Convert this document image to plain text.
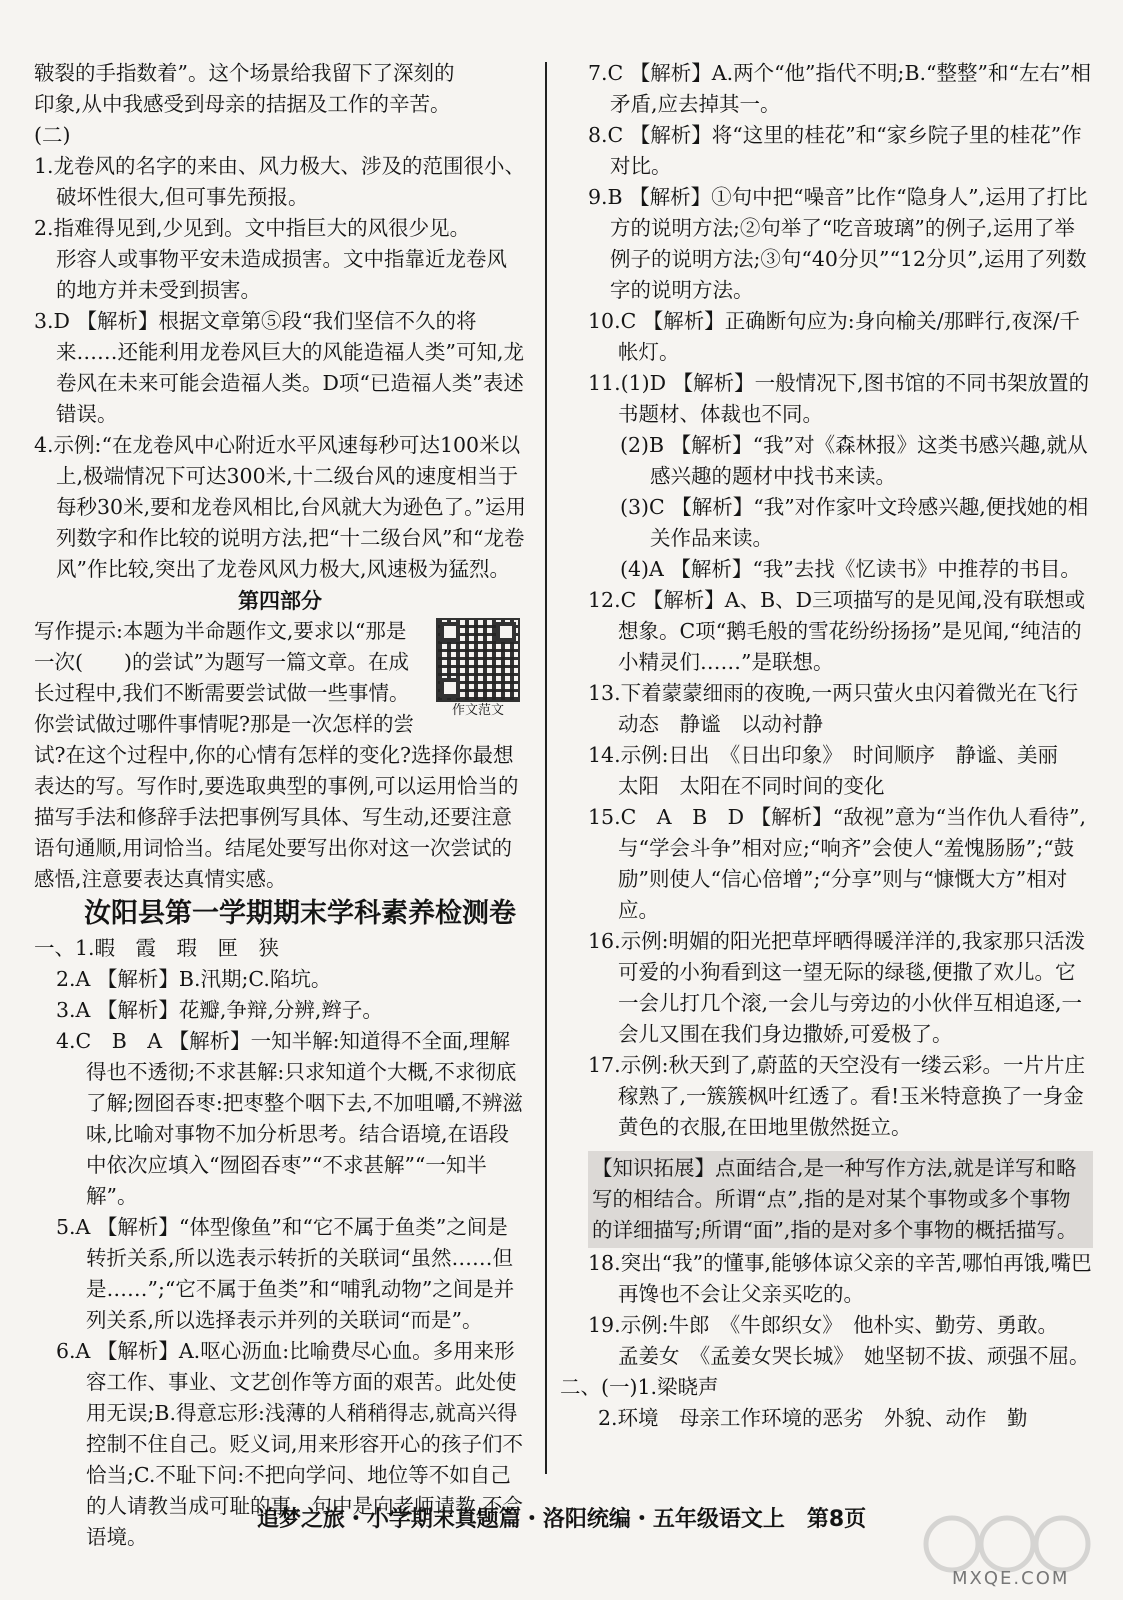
皲裂的手指数着”。这个场景给我留下了深刻的

印象,从中我感受到母亲的拮据及工作的辛苦。

(二)

1.龙卷风的名字的来由、风力极大、涉及的范围很小、破坏性很大,但可事先预报。

2.指难得见到,少见到。文中指巨大的风很少见。

形容人或事物平安未造成损害。文中指靠近龙卷风的地方并未受到损害。

3.D 【解析】根据文章第⑤段“我们坚信不久的将来……还能利用龙卷风巨大的风能造福人类”可知,龙卷风在未来可能会造福人类。D项“已造福人类”表述错误。

4.示例:“在龙卷风中心附近水平风速每秒可达100米以上,极端情况下可达300米,十二级台风的速度相当于每秒30米,要和龙卷风相比,台风就大为逊色了。”运用列数字和作比较的说明方法,把“十二级台风”和“龙卷风”作比较,突出了龙卷风风力极大,风速极为猛烈。

第四部分

作文范文

写作提示:本题为半命题作文,要求以“那是一次(　　)的尝试”为题写一篇文章。在成长过程中,我们不断需要尝试做一些事情。你尝试做过哪件事情呢?那是一次怎样的尝试?在这个过程中,你的心情有怎样的变化?选择你最想表达的写。写作时,要选取典型的事例,可以运用恰当的描写手法和修辞手法把事例写具体、写生动,还要注意语句通顺,用词恰当。结尾处要写出你对这一次尝试的感悟,注意要表达真情实感。

汝阳县第一学期期末学科素养检测卷

一、1.暇　霞　瑕　匣　狭

2.A 【解析】B.汛期;C.陷坑。

3.A 【解析】花瓣,争辩,分辨,辫子。

4.C　B　A 【解析】一知半解:知道得不全面,理解得也不透彻;不求甚解:只求知道个大概,不求彻底了解;囫囵吞枣:把枣整个咽下去,不加咀嚼,不辨滋味,比喻对事物不加分析思考。结合语境,在语段中依次应填入“囫囵吞枣”“不求甚解”“一知半解”。

5.A 【解析】“体型像鱼”和“它不属于鱼类”之间是转折关系,所以选表示转折的关联词“虽然……但是……”;“它不属于鱼类”和“哺乳动物”之间是并列关系,所以选择表示并列的关联词“而是”。

6.A 【解析】A.呕心沥血:比喻费尽心血。多用来形容工作、事业、文艺创作等方面的艰苦。此处使用无误;B.得意忘形:浅薄的人稍稍得志,就高兴得控制不住自己。贬义词,用来形容开心的孩子们不恰当;C.不耻下问:不把向学问、地位等不如自己的人请教当成可耻的事。句中是向老师请教,不合语境。

7.C 【解析】A.两个“他”指代不明;B.“整整”和“左右”相矛盾,应去掉其一。

8.C 【解析】将“这里的桂花”和“家乡院子里的桂花”作对比。

9.B 【解析】①句中把“噪音”比作“隐身人”,运用了打比方的说明方法;②句举了“吃音玻璃”的例子,运用了举例子的说明方法;③句“40分贝”“12分贝”,运用了列数字的说明方法。

10.C 【解析】正确断句应为:身向榆关/那畔行,夜深/千帐灯。

11.(1)D 【解析】一般情况下,图书馆的不同书架放置的书题材、体裁也不同。

(2)B 【解析】“我”对《森林报》这类书感兴趣,就从感兴趣的题材中找书来读。

(3)C 【解析】“我”对作家叶文玲感兴趣,便找她的相关作品来读。

(4)A 【解析】“我”去找《忆读书》中推荐的书目。

12.C 【解析】A、B、D三项描写的是见闻,没有联想或想象。C项“鹅毛般的雪花纷纷扬扬”是见闻,“纯洁的小精灵们……”是联想。

13.下着蒙蒙细雨的夜晚,一两只萤火虫闪着微光在飞行　动态　静谧　以动衬静

14.示例:日出　《日出印象》　时间顺序　静谧、美丽　太阳　太阳在不同时间的变化

15.C　A　B　D 【解析】“敌视”意为“当作仇人看待”,与“学会斗争”相对应;“响齐”会使人“羞愧肠肠”;“鼓励”则使人“信心倍增”;“分享”则与“慷慨大方”相对应。

16.示例:明媚的阳光把草坪晒得暖洋洋的,我家那只活泼可爱的小狗看到这一望无际的绿毯,便撒了欢儿。它一会儿打几个滚,一会儿与旁边的小伙伴互相追逐,一会儿又围在我们身边撒娇,可爱极了。

17.示例:秋天到了,蔚蓝的天空没有一缕云彩。一片片庄稼熟了,一簇簇枫叶红透了。看!玉米特意换了一身金黄色的衣服,在田地里傲然挺立。

【知识拓展】点面结合,是一种写作方法,就是详写和略写的相结合。所谓“点”,指的是对某个事物或多个事物的详细描写;所谓“面”,指的是对多个事物的概括描写。

18.突出“我”的懂事,能够体谅父亲的辛苦,哪怕再饿,嘴巴再馋也不会让父亲买吃的。

19.示例:牛郎　《牛郎织女》　他朴实、勤劳、勇敢。

孟姜女　《孟姜女哭长城》　她坚韧不拔、顽强不屈。

二、(一)1.梁晓声

2.环境　母亲工作环境的恶劣　外貌、动作　勤

追梦之旅・小学期末真题篇・洛阳统编・五年级语文上　第8页
MXQE.COM
